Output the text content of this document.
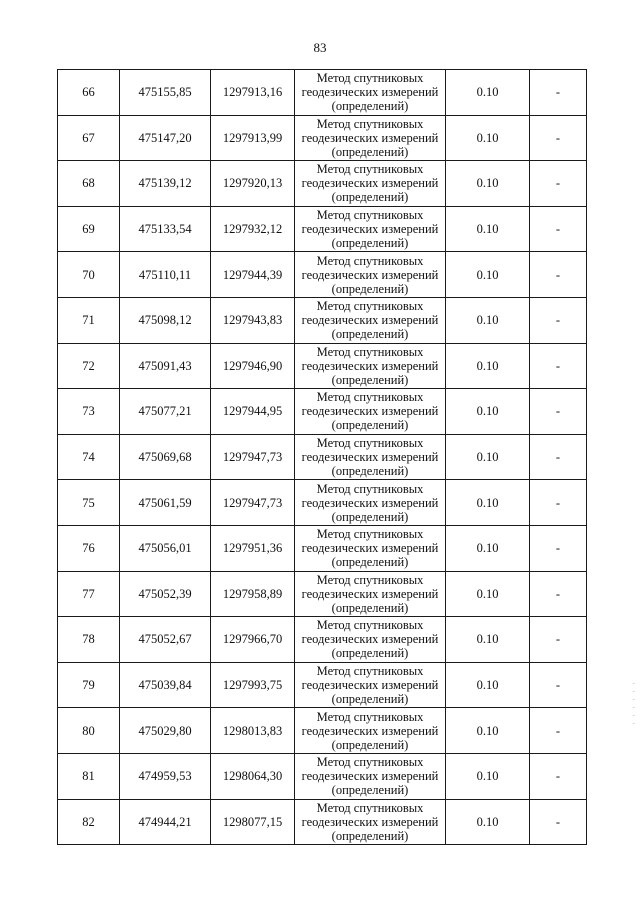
83
66	475155,85	1297913,16	Метод спутниковых
геодезических измерений
(определений)	0.10	-
67	475147,20	1297913,99	Метод спутниковых
геодезических измерений
(определений)	0.10	-
68	475139,12	1297920,13	Метод спутниковых
геодезических измерений
(определений)	0.10	-
69	475133,54	1297932,12	Метод спутниковых
геодезических измерений
(определений)	0.10	-
70	475110,11	1297944,39	Метод спутниковых
геодезических измерений
(определений)	0.10	-
71	475098,12	1297943,83	Метод спутниковых
геодезических измерений
(определений)	0.10	-
72	475091,43	1297946,90	Метод спутниковых
геодезических измерений
(определений)	0.10	-
73	475077,21	1297944,95	Метод спутниковых
геодезических измерений
(определений)	0.10	-
74	475069,68	1297947,73	Метод спутниковых
геодезических измерений
(определений)	0.10	-
75	475061,59	1297947,73	Метод спутниковых
геодезических измерений
(определений)	0.10	-
76	475056,01	1297951,36	Метод спутниковых
геодезических измерений
(определений)	0.10	-
77	475052,39	1297958,89	Метод спутниковых
геодезических измерений
(определений)	0.10	-
78	475052,67	1297966,70	Метод спутниковых
геодезических измерений
(определений)	0.10	-
79	475039,84	1297993,75	Метод спутниковых
геодезических измерений
(определений)	0.10	-
80	475029,80	1298013,83	Метод спутниковых
геодезических измерений
(определений)	0.10	-
81	474959,53	1298064,30	Метод спутниковых
геодезических измерений
(определений)	0.10	-
82	474944,21	1298077,15	Метод спутниковых
геодезических измерений
(определений)	0.10	-
.
.
.
.
.
.
